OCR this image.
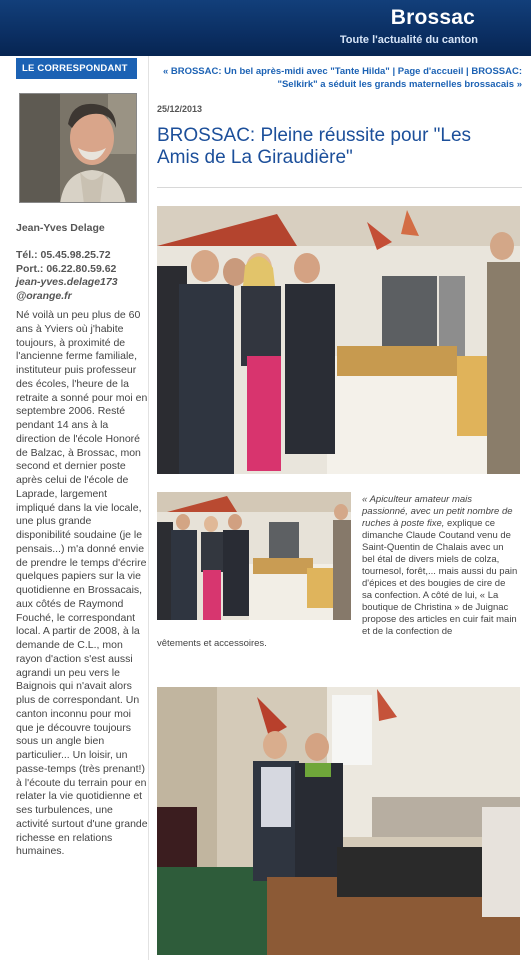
Brossac
Toute l'actualité du canton
LE CORRESPONDANT
Jean-Yves Delage
Tél.: 05.45.98.25.72
Port.: 06.22.80.59.62
jean-yves.delage173
@orange.fr
Né voilà un peu plus de 60 ans à Yviers où j'habite toujours, à proximité de l'ancienne ferme familiale, instituteur puis professeur des écoles, l'heure de la retraite a sonné pour moi en septembre 2006. Resté pendant 14 ans à la direction de l'école Honoré de Balzac, à Brossac, mon second et dernier poste après celui de l'école de Laprade, largement impliqué dans la vie locale, une plus grande disponibilité soudaine (je le pensais...) m'a donné envie de prendre le temps d'écrire quelques papiers sur la vie quotidienne en Brossacais, aux côtés de Raymond Fouché, le correspondant local. A partir de 2008, à la demande de C.L., mon rayon d'action s'est aussi agrandi un peu vers le Baignois qui n'avait alors plus de correspondant. Un canton inconnu pour moi que je découvre toujours sous un angle bien particulier... Un loisir, un passe-temps (très prenant!) à l'écoute du terrain pour en relater la vie quotidienne et ses turbulences, une activité surtout d'une grande richesse en relations humaines.
« BROSSAC: Un bel après-midi avec "Tante Hilda" | Page d'accueil | BROSSAC: "Selkirk" a séduit les grands maternelles brossacais »
25/12/2013
BROSSAC: Pleine réussite pour "Les Amis de La Giraudière"
« Apiculteur amateur mais passionné, avec un petit nombre de ruches à poste fixe, explique ce dimanche Claude Coutand venu de Saint-Quentin de Chalais avec un bel étal de divers miels de colza, tournesol, forêt,... mais aussi du pain d'épices et des bougies de cire de sa confection. A côté de lui, « La boutique de Christina » de Juignac propose des articles en cuir fait main et de la confection de
vêtements et accessoires.
